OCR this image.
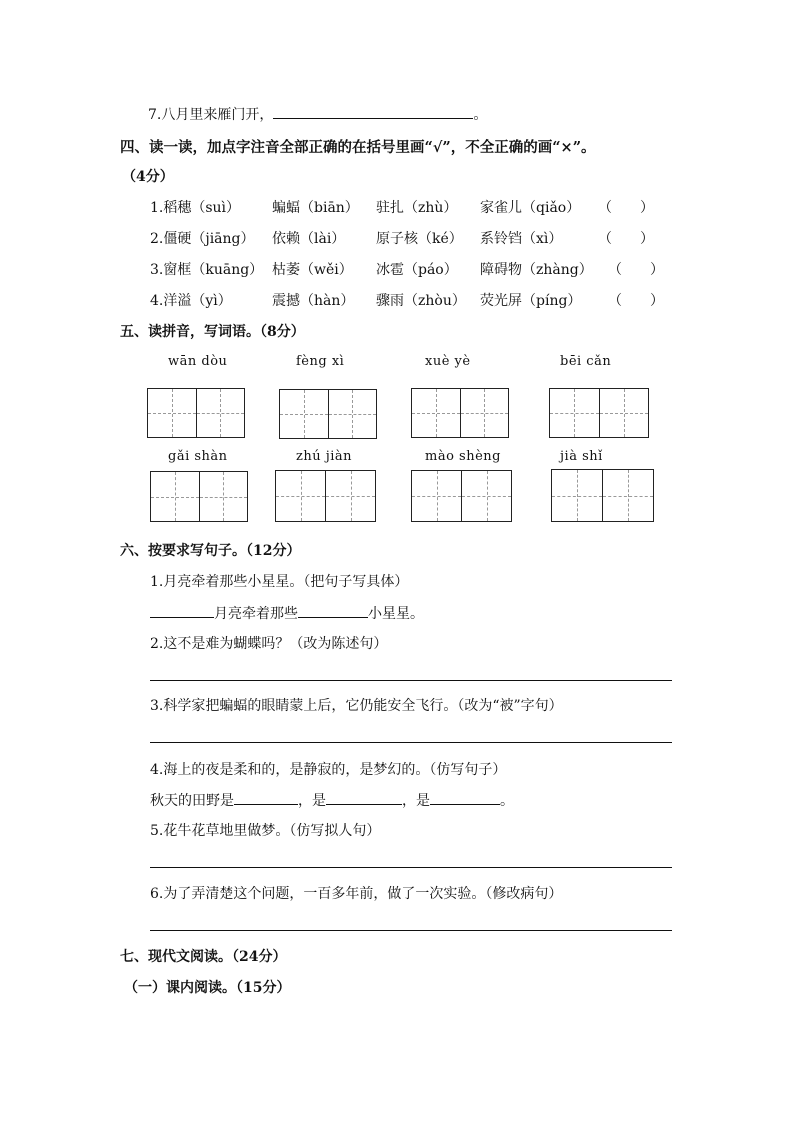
7.八月里来雁门开，	。
四、读一读，加点字注音全部正确的在括号里画“√”，不全正确的画“×”。
（4分）
1.稻穗（suì） 蝙蝠（biān） 驻扎（zhù） 家雀儿（qiǎo） （　　）
2.僵硬（jiāng） 依赖（lài） 原子核（ké） 系铃铛（xì）	（　　）
3.窗框（kuāng） 枯萎（wěi） 冰雹（páo） 障碍物（zhàng） （　　）
4.洋溢（yì）	震撼（hàn） 骤雨（zhòu） 荧光屏（píng） （　　）
五、读拼音，写词语。（8分）
wān dòu	fèng xì	xuè yè	bēi cǎn
gǎi shàn	zhú jiàn	mào shèng	jià shǐ
六、按要求写句子。（12分）
1.月亮牵着那些小星星。（把句子写具体）
月亮牵着那些	小星星。
2.这不是难为蝴蝶吗？（改为陈述句）
3.科学家把蝙蝠的眼睛蒙上后，它仍能安全飞行。（改为“被”字句）
4.海上的夜是柔和的，是静寂的，是梦幻的。（仿写句子）
秋天的田野是	，是	，是	。
5.花牛花草地里做梦。（仿写拟人句）
6.为了弄清楚这个问题，一百多年前，做了一次实验。（修改病句）
七、现代文阅读。（24分）
（一）课内阅读。（15分）
